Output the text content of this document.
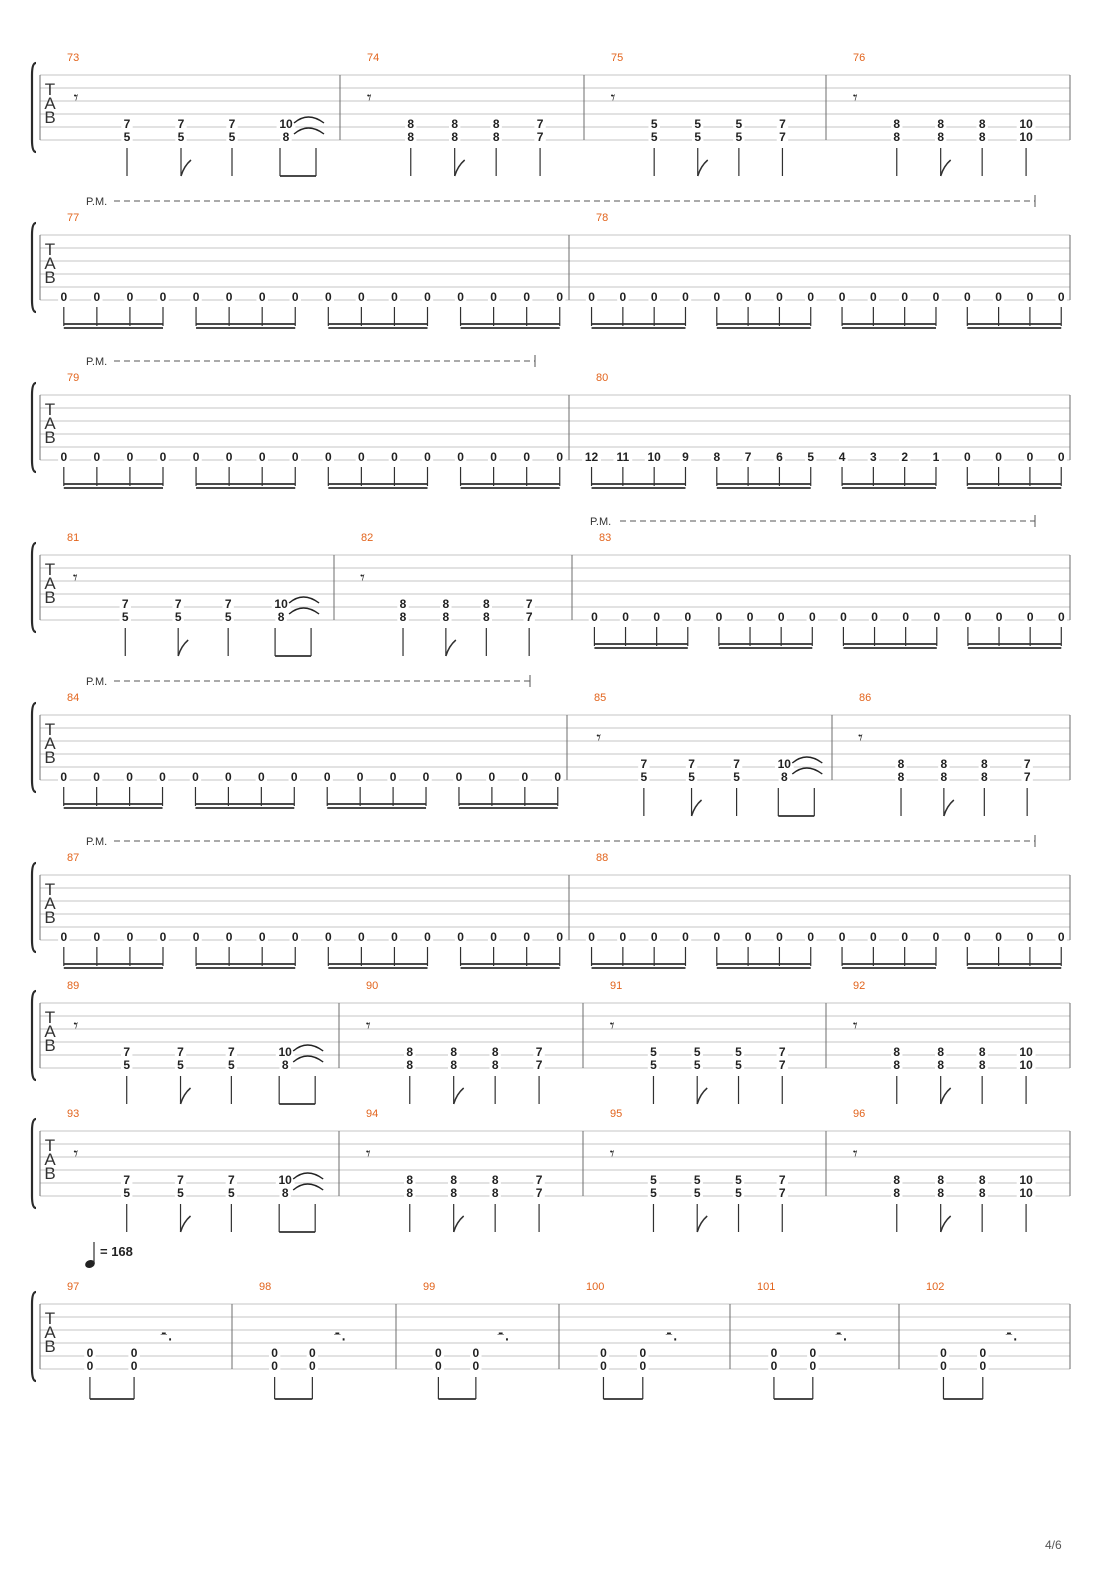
T
A
B
73
𝄾
7
5
7
5
7
5
10
8
74
𝄾
8
8
8
8
8
8
7
7
75
𝄾
5
5
5
5
5
5
7
7
76
𝄾
8
8
8
8
8
8
10
10
T
A
B
P.M.
77
0 0 0 0 0 0 0 0 0 0 0 0 0 0 0 0
78
0 0 0 0 0 0 0 0 0 0 0 0 0 0 0 0
T
A
B
P.M.
79
0 0 0 0 0 0 0 0 0 0 0 0 0 0 0 0
80
12 11 10 9 8 7 6 5 4 3 2 1 0 0 0 0
T
A
B
P.M.
81
𝄾
7
5
7
5
7
5
10
8
82
𝄾
8
8
8
8
8
8
7
7
83
0 0 0 0 0 0 0 0 0 0 0 0 0 0 0 0
T
A
B
P.M.
84
0 0 0 0 0 0 0 0 0 0 0 0 0 0 0 0
85
𝄾
7
5
7
5
7
5
10
8
86
𝄾
8
8
8
8
8
8
7
7
T
A
B
P.M.
87
0 0 0 0 0 0 0 0 0 0 0 0 0 0 0 0
88
0 0 0 0 0 0 0 0 0 0 0 0 0 0 0 0
T
A
B
89
𝄾
7
5
7
5
7
5
10
8
90
𝄾
8
8
8
8
8
8
7
7
91
𝄾
5
5
5
5
5
5
7
7
92
𝄾
8
8
8
8
8
8
10
10
T
A
B
93
𝄾
7
5
7
5
7
5
10
8
94
𝄾
8
8
8
8
8
8
7
7
95
𝄾
5
5
5
5
5
5
7
7
96
𝄾
8
8
8
8
8
8
10
10
T
A
B
= 168
97
0
0
0
0
𝄼.
98
0
0
0
0
𝄼.
99
0
0
0
0
𝄼.
100
0
0
0
0
𝄼.
101
0
0
0
0
𝄼.
102
0
0
0
0
𝄼.
4/6
